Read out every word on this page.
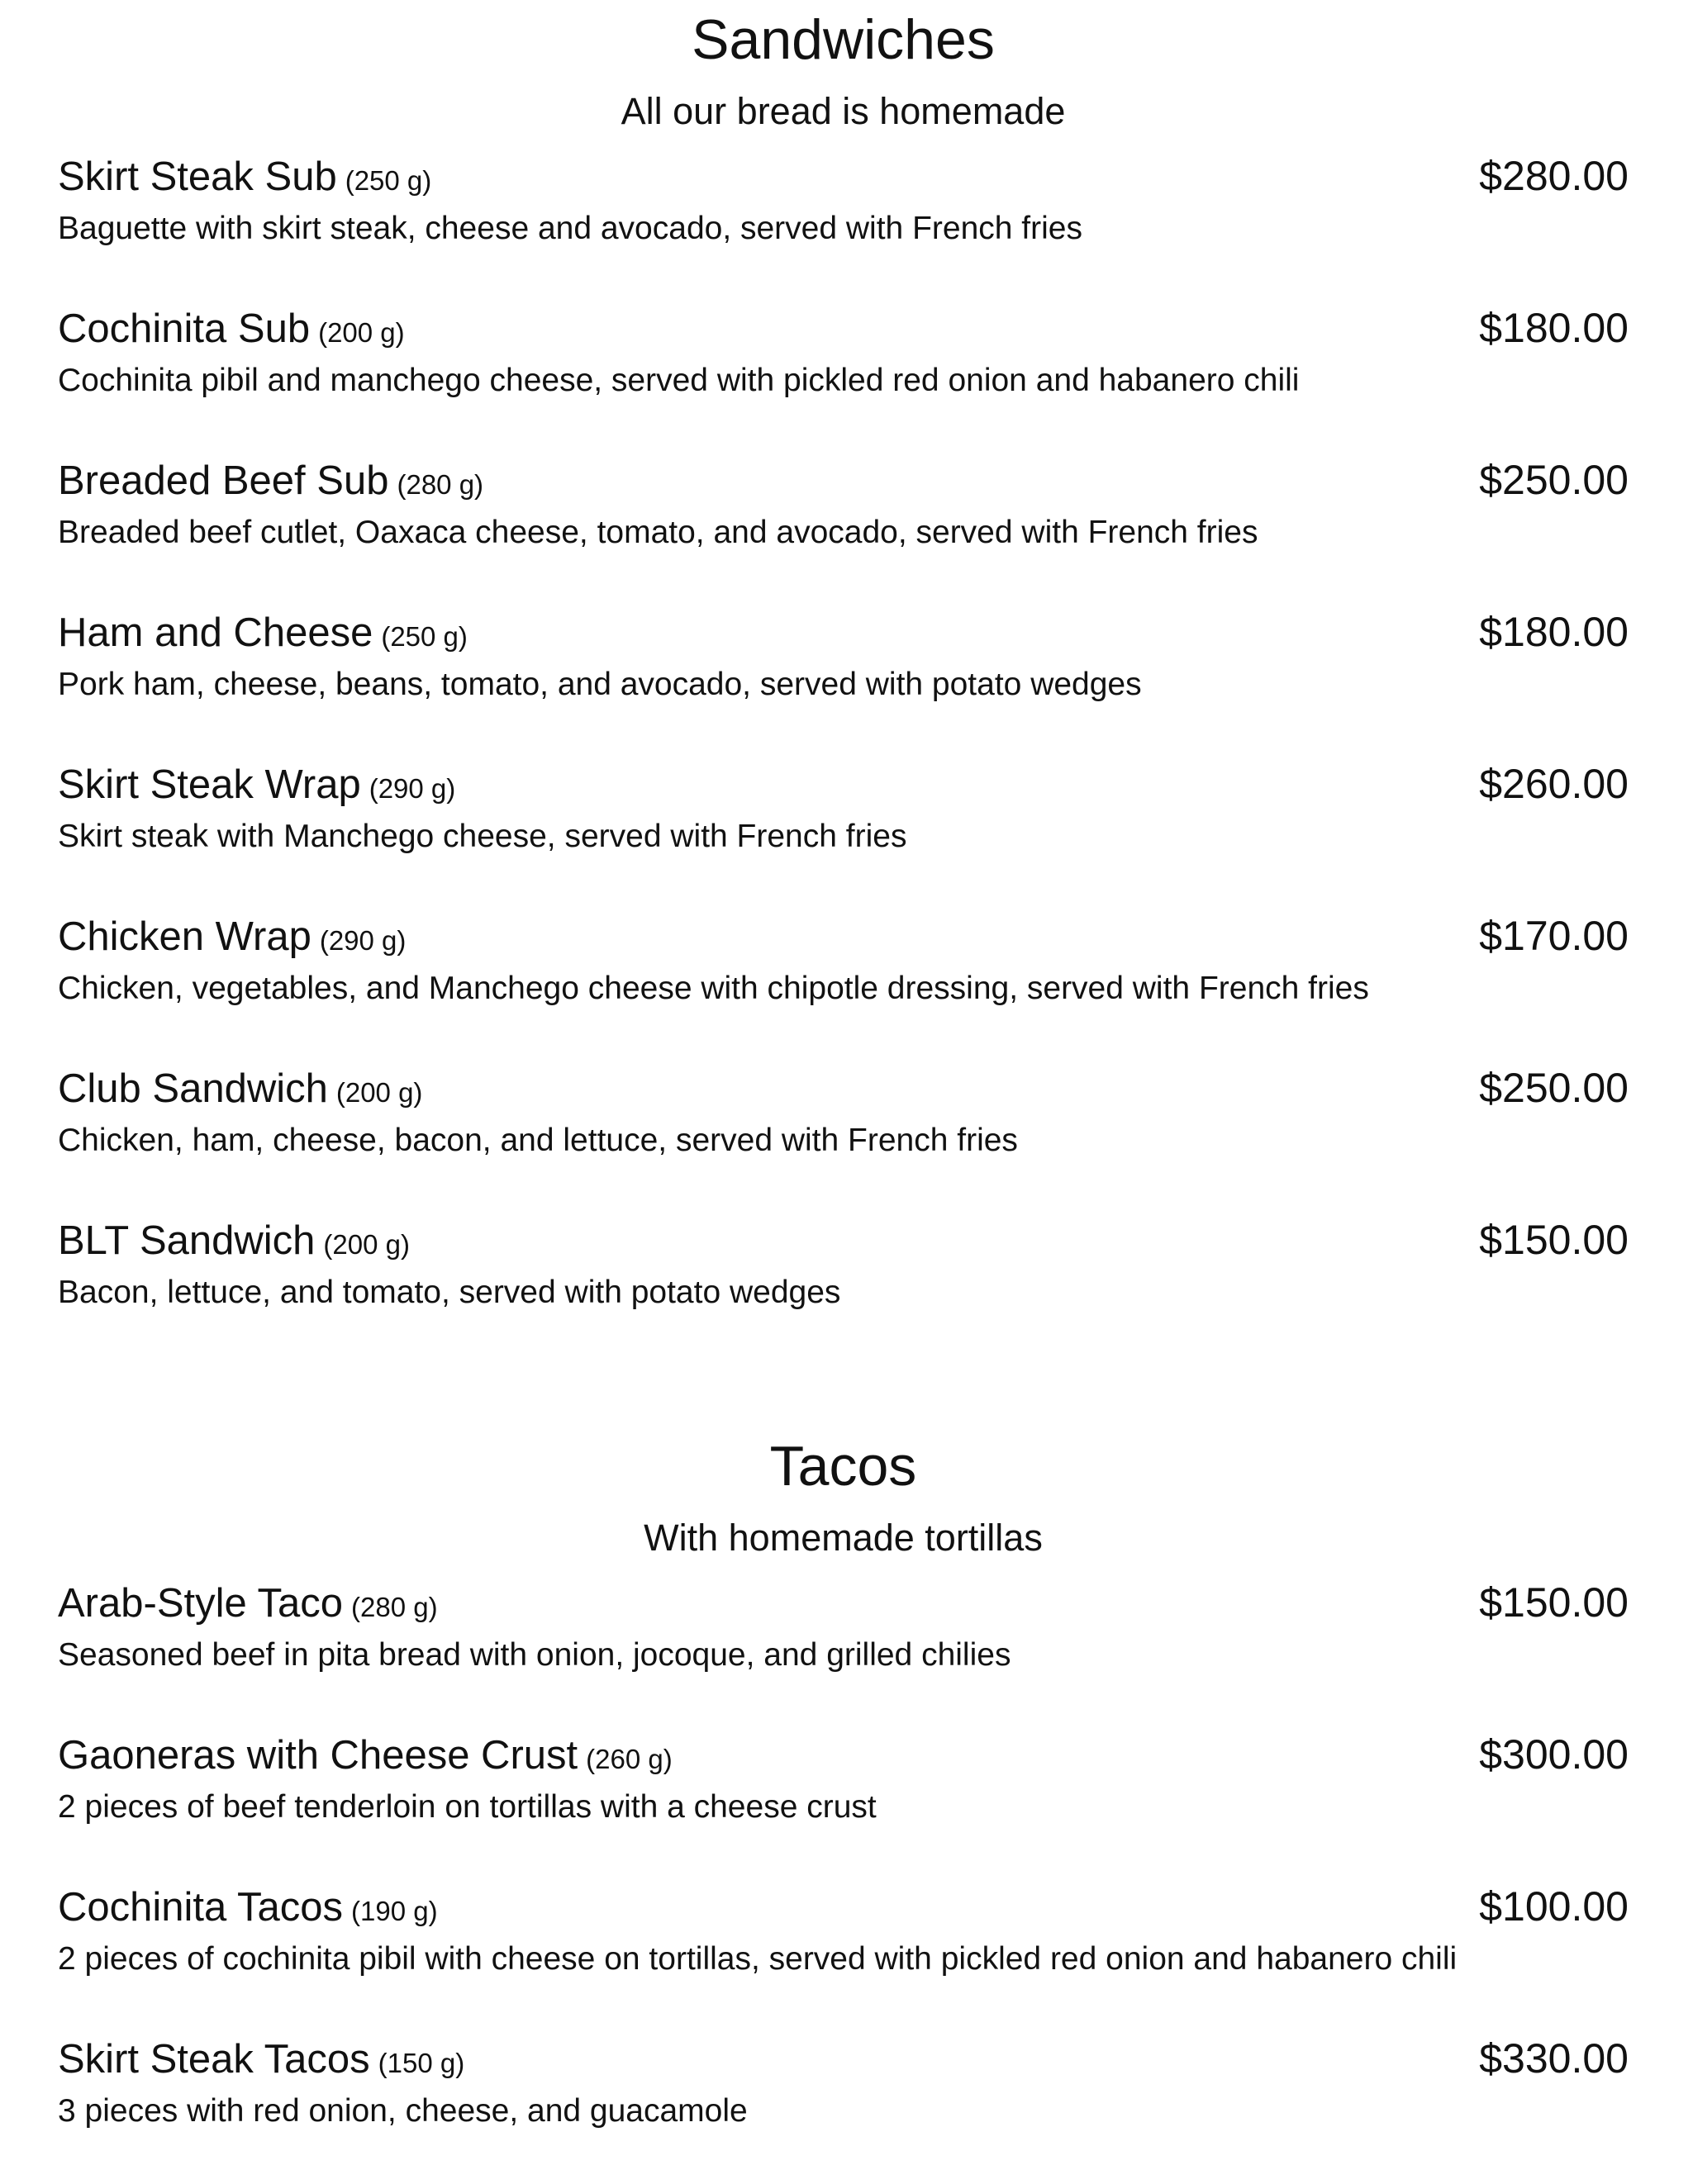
Sandwiches
All our bread is homemade
Skirt Steak Sub (250 g)	$280.00
Baguette with skirt steak, cheese and avocado, served with French fries
Cochinita Sub (200 g)	$180.00
Cochinita pibil and manchego cheese, served with pickled red onion and habanero chili
Breaded Beef Sub (280 g)	$250.00
Breaded beef cutlet, Oaxaca cheese, tomato, and avocado, served with French fries
Ham and Cheese (250 g)	$180.00
Pork ham, cheese, beans, tomato, and avocado, served with potato wedges
Skirt Steak Wrap (290 g)	$260.00
Skirt steak with Manchego cheese, served with French fries
Chicken Wrap (290 g)	$170.00
Chicken, vegetables, and Manchego cheese with chipotle dressing, served with French fries
Club Sandwich (200 g)	$250.00
Chicken, ham, cheese, bacon, and lettuce, served with French fries
BLT Sandwich (200 g)	$150.00
Bacon, lettuce, and tomato, served with potato wedges
Tacos
With homemade tortillas
Arab-Style Taco (280 g)	$150.00
Seasoned beef in pita bread with onion, jocoque, and grilled chilies
Gaoneras with Cheese Crust (260 g)	$300.00
2 pieces of beef tenderloin on tortillas with a cheese crust
Cochinita Tacos (190 g)	$100.00
2 pieces of cochinita pibil with cheese on tortillas, served with pickled red onion and habanero chili
Skirt Steak Tacos (150 g)	$330.00
3 pieces with red onion, cheese, and guacamole
